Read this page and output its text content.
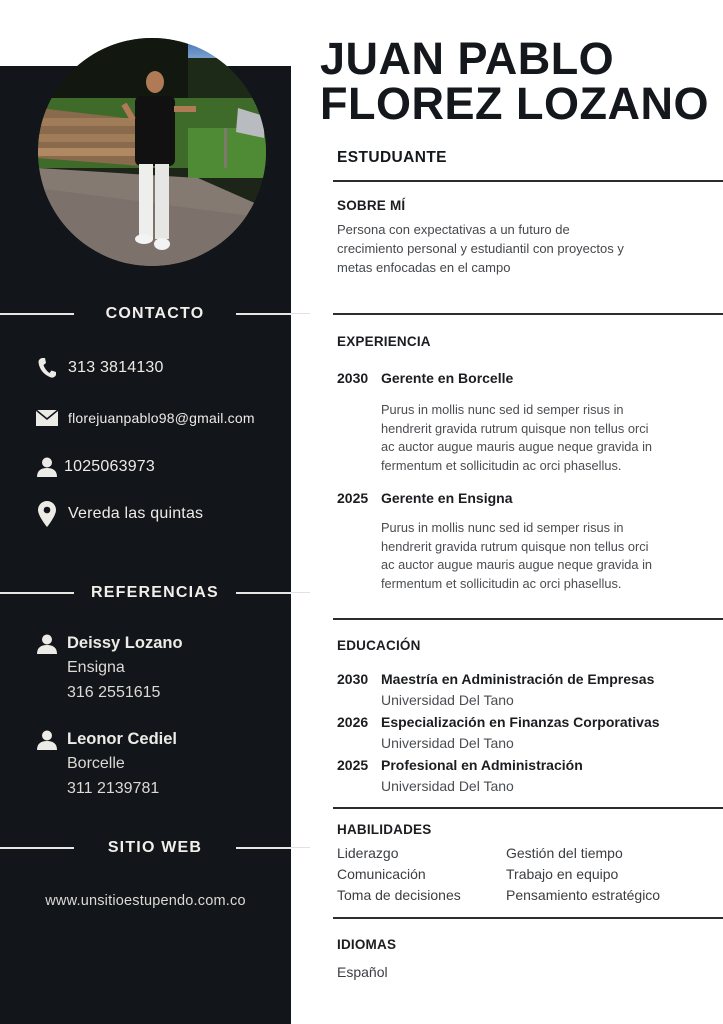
CONTACTO
313 3814130
florejuanpablo98@gmail.com
1025063973
Vereda las quintas
REFERENCIAS
Deissy Lozano
Ensigna
316 2551615
Leonor Cediel
Borcelle
311 2139781
SITIO WEB
www.unsitioestupendo.com.co
JUAN PABLO
FLOREZ LOZANO
ESTUDUANTE
SOBRE MÍ
Persona con expectativas a un futuro de
crecimiento personal y estudiantil con proyectos y
metas enfocadas en el campo
EXPERIENCIA
2030 Gerente en Borcelle
Purus in mollis nunc sed id semper risus in
hendrerit gravida rutrum quisque non tellus orci
ac auctor augue mauris augue neque gravida in
fermentum et sollicitudin ac orci phasellus.
2025 Gerente en Ensigna
Purus in mollis nunc sed id semper risus in
hendrerit gravida rutrum quisque non tellus orci
ac auctor augue mauris augue neque gravida in
fermentum et sollicitudin ac orci phasellus.
EDUCACIÓN
2030 Maestría en Administración de Empresas
Universidad Del Tano
2026 Especialización en Finanzas Corporativas
Universidad Del Tano
2025 Profesional en Administración
Universidad Del Tano
HABILIDADES
Liderazgo
Comunicación
Toma de decisiones
Gestión del tiempo
Trabajo en equipo
Pensamiento estratégico
IDIOMAS
Español
